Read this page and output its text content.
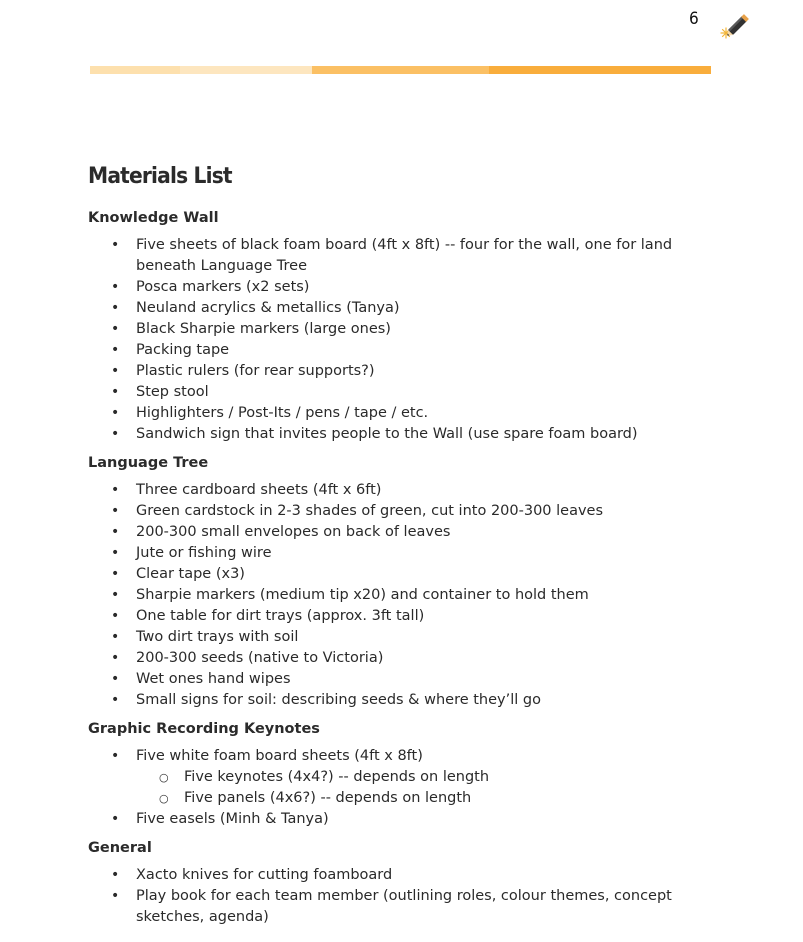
6
Materials List
Knowledge Wall
• Five sheets of black foam board (4ft x 8ft) -- four for the wall, one for land beneath Language Tree
• Posca markers (x2 sets)
• Neuland acrylics & metallics (Tanya)
• Black Sharpie markers (large ones)
• Packing tape
• Plastic rulers (for rear supports?)
• Step stool
• Highlighters / Post-Its / pens / tape / etc.
• Sandwich sign that invites people to the Wall (use spare foam board)
Language Tree
• Three cardboard sheets (4ft x 6ft)
• Green cardstock in 2-3 shades of green, cut into 200-300 leaves
• 200-300 small envelopes on back of leaves
• Jute or fishing wire
• Clear tape (x3)
• Sharpie markers (medium tip x20) and container to hold them
• One table for dirt trays (approx. 3ft tall)
• Two dirt trays with soil
• 200-300 seeds (native to Victoria)
• Wet ones hand wipes
• Small signs for soil: describing seeds & where they’ll go
Graphic Recording Keynotes
• Five white foam board sheets (4ft x 8ft)
○ Five keynotes (4x4?) -- depends on length
○ Five panels (4x6?) -- depends on length
• Five easels (Minh & Tanya)
General
• Xacto knives for cutting foamboard
• Play book for each team member (outlining roles, colour themes, concept sketches, agenda)
